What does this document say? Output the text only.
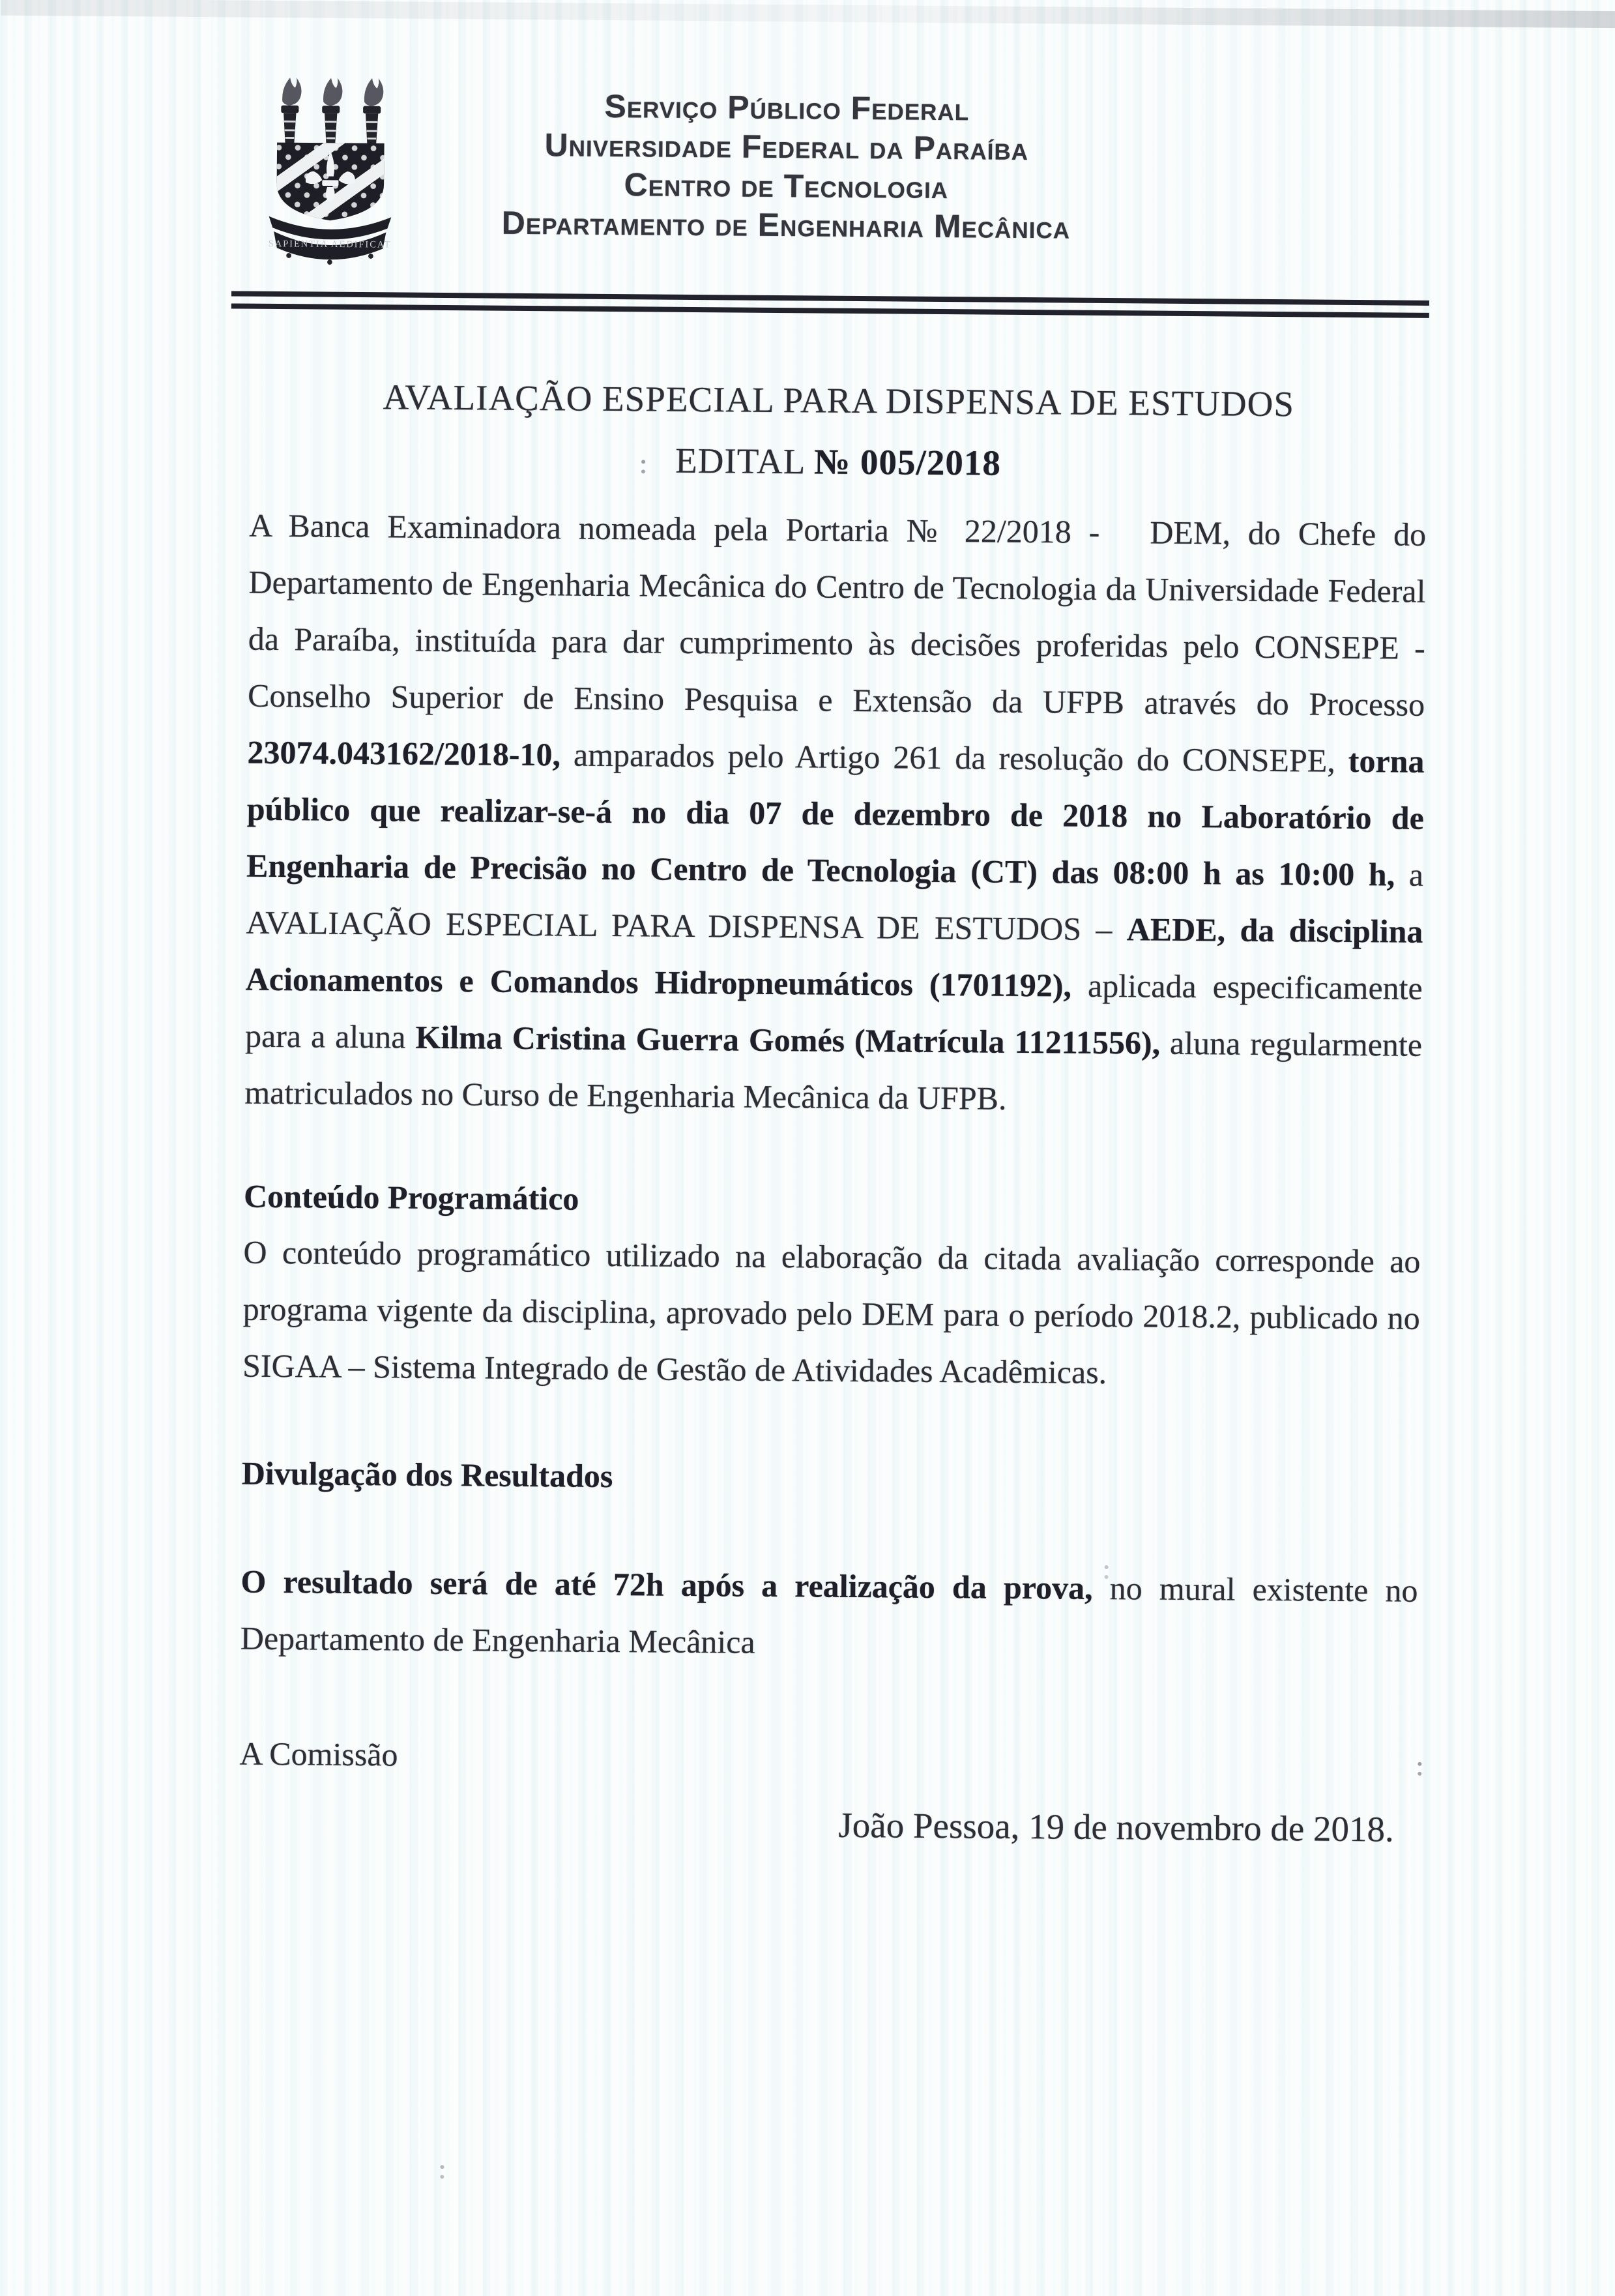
SAPIENTIA AEDIFICAT
Serviço Público Federal
Universidade Federal da Paraíba
Centro de Tecnologia
Departamento de Engenharia Mecânica
AVALIAÇÃO ESPECIAL PARA DISPENSA DE ESTUDOS
EDITAL № 005/2018

A Banca Examinadora nomeada pela Portaria № 22/2018 -  DEM, do Chefe do Departamento de Engenharia Mecânica do Centro de Tecnologia da Universidade Federal da Paraíba, instituída para dar cumprimento às decisões proferidas pelo CONSEPE - Conselho Superior de Ensino Pesquisa e Extensão da UFPB através do Processo 23074.043162/2018-10, amparados pelo Artigo 261 da resolução do CONSEPE, torna público que realizar-se-á no dia 07 de dezembro de 2018 no Laboratório de Engenharia de Precisão no Centro de Tecnologia (CT) das 08:00 h as 10:00 h, a AVALIAÇÃO ESPECIAL PARA DISPENSA DE ESTUDOS – AEDE, da disciplina Acionamentos e Comandos Hidropneumáticos (1701192), aplicada especificamente para a aluna Kilma Cristina Guerra Gomés (Matrícula 11211556), aluna regularmente matriculados no Curso de Engenharia Mecânica da UFPB.

Conteúdo Programático

O conteúdo programático utilizado na elaboração da citada avaliação corresponde ao programa vigente da disciplina, aprovado pelo DEM para o período 2018.2, publicado no SIGAA – Sistema Integrado de Gestão de Atividades Acadêmicas.

Divulgação dos Resultados

O resultado será de até 72h após a realização da prova, no mural existente no Departamento de Engenharia Mecânica

A Comissão
João Pessoa, 19 de novembro de 2018.
